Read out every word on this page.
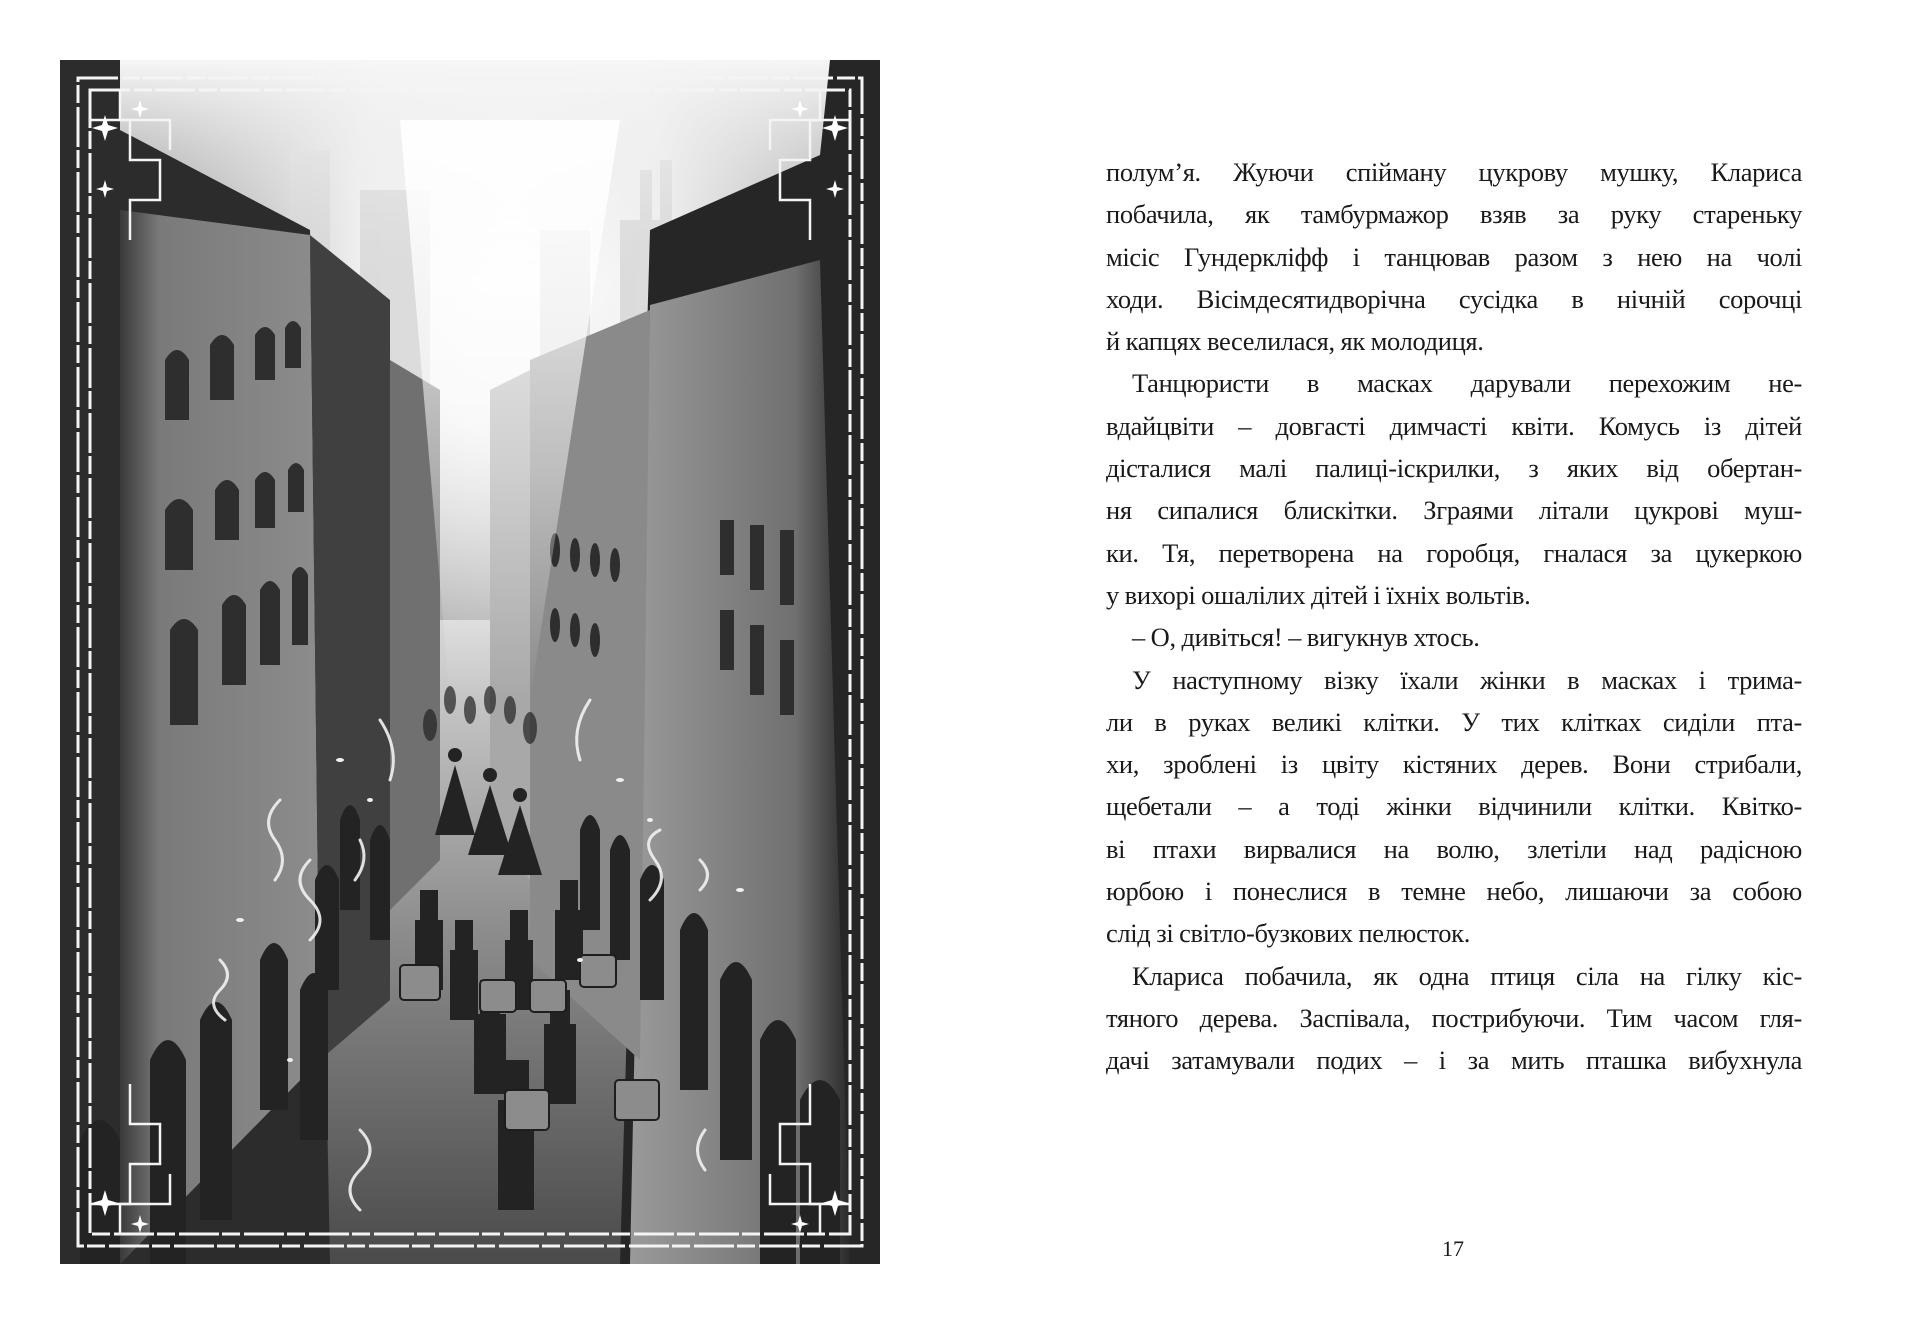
полум’я. Жуючи спійману цукрову мушку, Клариса
побачила, як тамбурмажор взяв за руку стареньку
місіс Гундеркліфф і танцював разом з нею на чолі
ходи. Вісімдесятидворічна сусідка в нічній сорочці
й капцях веселилася, як молодиця.
Танцюристи в масках дарували перехожим не-
вдайцвіти – довгасті димчасті квіти. Комусь із дітей
дісталися малі палиці-іскрилки, з яких від обертан-
ня сипалися блискітки. Зграями літали цукрові муш-
ки. Тя, перетворена на горобця, гналася за цукеркою
у вихорі ошалілих дітей і їхніх вольтів.
– О, дивіться! – вигукнув хтось.
У наступному візку їхали жінки в масках і трима-
ли в руках великі клітки. У тих клітках сиділи пта-
хи, зроблені із цвіту кістяних дерев. Вони стрибали,
щебетали – а тоді жінки відчинили клітки. Квітко-
ві птахи вирвалися на волю, злетіли над радісною
юрбою і понеслися в темне небо, лишаючи за собою
слід зі світло-бузкових пелюсток.
Клариса побачила, як одна птиця сіла на гілку кіс-
тяного дерева. Заспівала, пострибуючи. Тим часом гля-
дачі затамували подих – і за мить пташка вибухнула
17
